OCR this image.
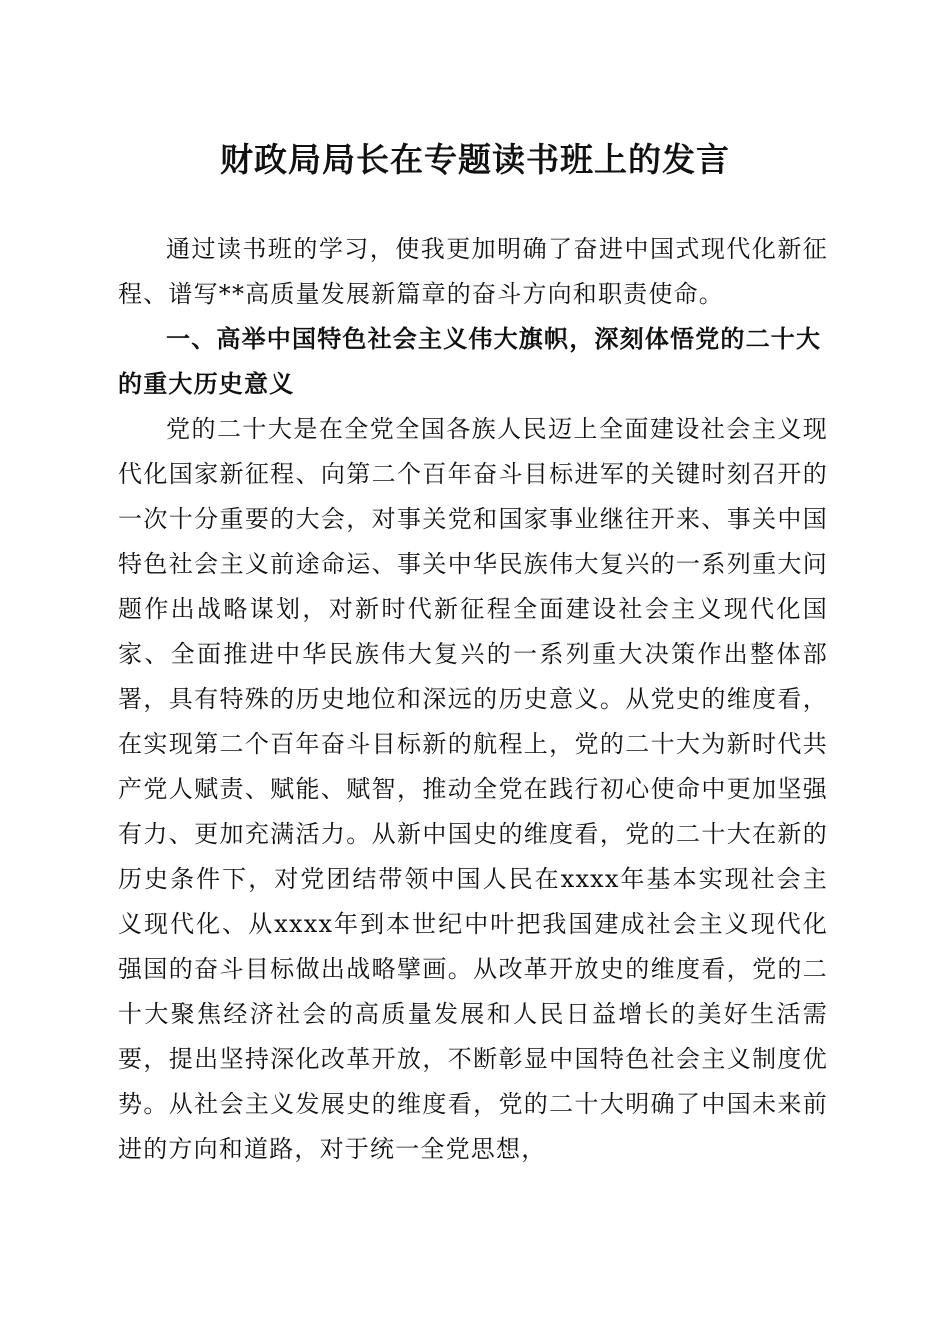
财政局局长在专题读书班上的发言

通过读书班的学习，使我更加明确了奋进中国式现代化新征程、谱写**高质量发展新篇章的奋斗方向和职责使命。

一、高举中国特色社会主义伟大旗帜，深刻体悟党的二十大的重大历史意义

党的二十大是在全党全国各族人民迈上全面建设社会主义现代化国家新征程、向第二个百年奋斗目标进军的关键时刻召开的一次十分重要的大会，对事关党和国家事业继往开来、事关中国特色社会主义前途命运、事关中华民族伟大复兴的一系列重大问题作出战略谋划，对新时代新征程全面建设社会主义现代化国家、全面推进中华民族伟大复兴的一系列重大决策作出整体部署，具有特殊的历史地位和深远的历史意义。从党史的维度看，在实现第二个百年奋斗目标新的航程上，党的二十大为新时代共产党人赋责、赋能、赋智，推动全党在践行初心使命中更加坚强有力、更加充满活力。从新中国史的维度看，党的二十大在新的历史条件下，对党团结带领中国人民在xxxx年基本实现社会主义现代化、从xxxx年到本世纪中叶把我国建成社会主义现代化强国的奋斗目标做出战略擘画。从改革开放史的维度看，党的二十大聚焦经济社会的高质量发展和人民日益增长的美好生活需要，提出坚持深化改革开放，不断彰显中国特色社会主义制度优势。从社会主义发展史的维度看，党的二十大明确了中国未来前进的方向和道路，对于统一全党思想，
